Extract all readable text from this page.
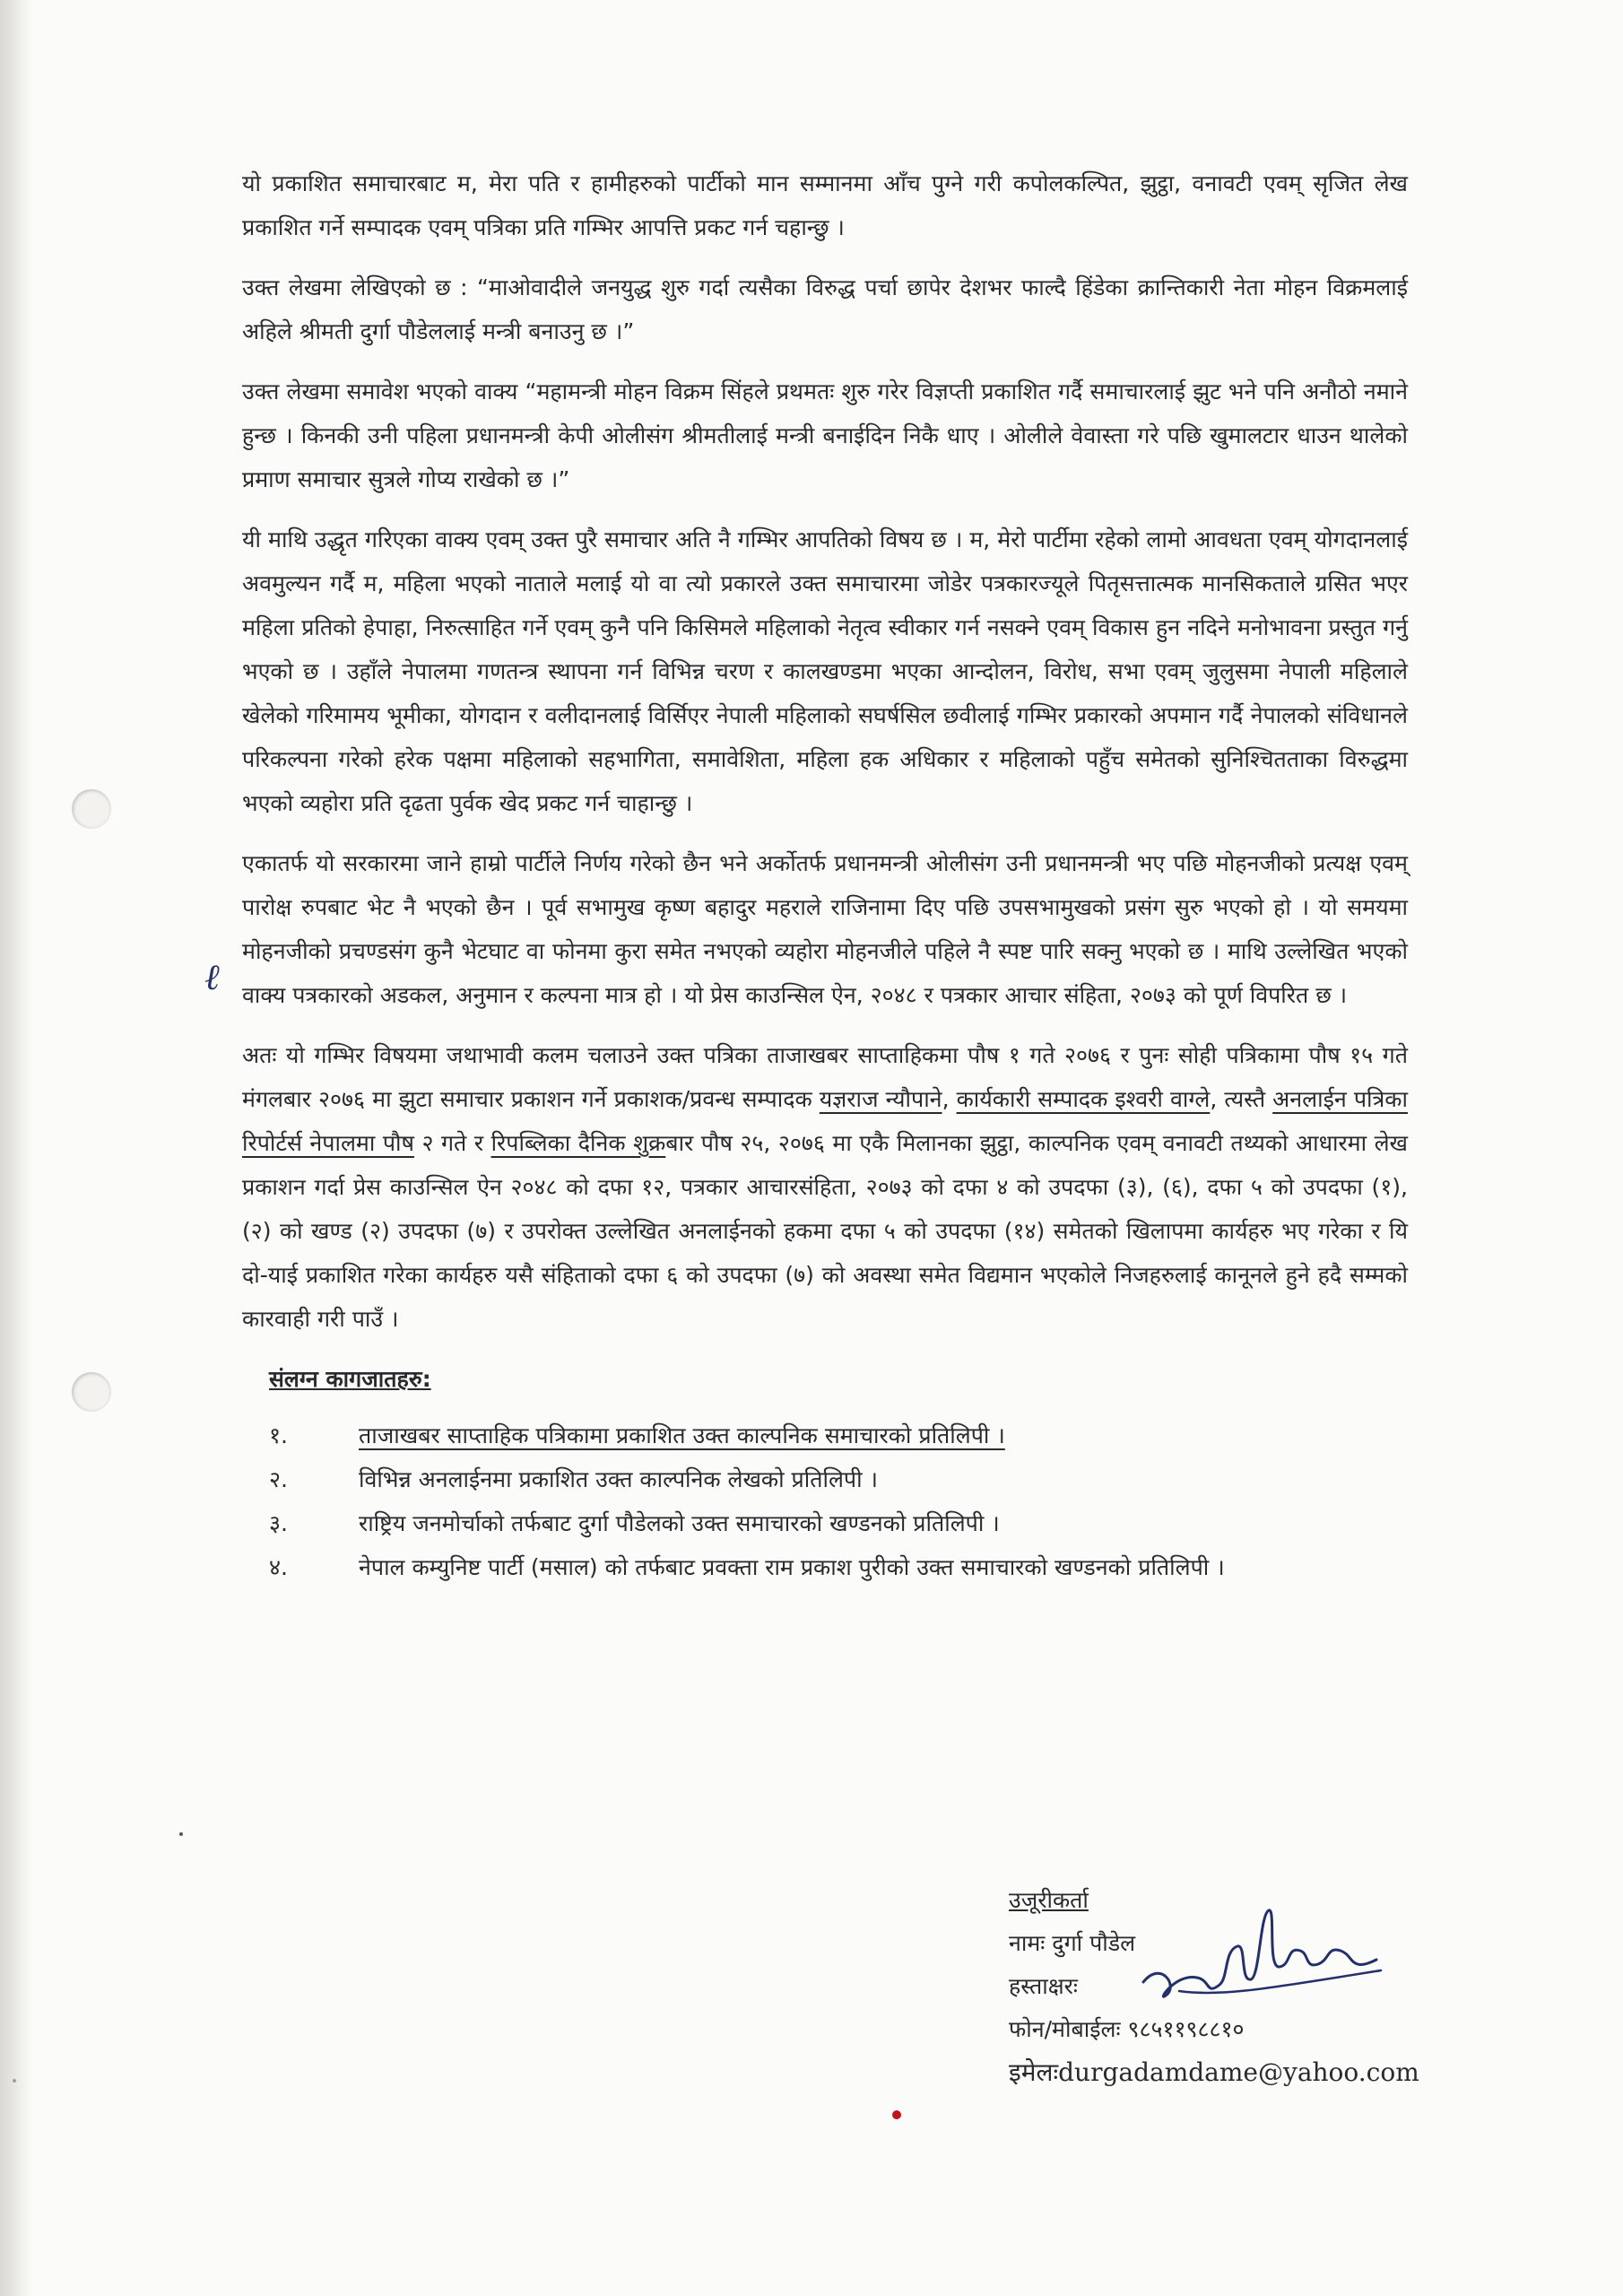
ℓ

यो प्रकाशित समाचारबाट म, मेरा पति र हामीहरुको पार्टीको मान सम्मानमा आँच पुग्ने गरी कपोलकल्पित, झुट्ठा, वनावटी एवम् सृजित लेख प्रकाशित गर्ने सम्पादक एवम् पत्रिका प्रति गम्भिर आपत्ति प्रकट गर्न चहान्छु ।

उक्त लेखमा लेखिएको छ : “माओवादीले जनयुद्ध शुरु गर्दा त्यसैका विरुद्ध पर्चा छापेर देशभर फाल्दै हिंडेका क्रान्तिकारी नेता मोहन विक्रमलाई अहिले श्रीमती दुर्गा पौडेललाई मन्त्री बनाउनु छ ।”

उक्त लेखमा समावेश भएको वाक्य “महामन्त्री मोहन विक्रम सिंहले प्रथमतः शुरु गरेर विज्ञप्ती प्रकाशित गर्दै समाचारलाई झुट भने पनि अनौठो नमाने हुन्छ । किनकी उनी पहिला प्रधानमन्त्री केपी ओलीसंग श्रीमतीलाई मन्त्री बनाईदिन निकै धाए । ओलीले वेवास्ता गरे पछि खुमालटार धाउन थालेको प्रमाण समाचार सुत्रले गोप्य राखेको छ ।”

यी माथि उद्धृत गरिएका वाक्य एवम् उक्त पुरै समाचार अति नै गम्भिर आपतिको विषय छ । म, मेरो पार्टीमा रहेको लामो आवधता एवम् योगदानलाई अवमुल्यन गर्दै म, महिला भएको नाताले मलाई यो वा त्यो प्रकारले उक्त समाचारमा जोडेर पत्रकारज्यूले पितृसत्तात्मक मानसिकताले ग्रसित भएर महिला प्रतिको हेपाहा, निरुत्साहित गर्ने एवम् कुनै पनि किसिमले महिलाको नेतृत्व स्वीकार गर्न नसक्ने एवम् विकास हुन नदिने मनोभावना प्रस्तुत गर्नु भएको छ । उहाँले नेपालमा गणतन्त्र स्थापना गर्न विभिन्न चरण र कालखण्डमा भएका आन्दोलन, विरोध, सभा एवम् जुलुसमा नेपाली महिलाले खेलेको गरिमामय भूमीका, योगदान र वलीदानलाई विर्सिएर नेपाली महिलाको सघर्षसिल छवीलाई गम्भिर प्रकारको अपमान गर्दै नेपालको संविधानले परिकल्पना गरेको हरेक पक्षमा महिलाको सहभागिता, समावेशिता, महिला हक अधिकार र महिलाको पहुँच समेतको सुनिश्चितताका विरुद्धमा भएको व्यहोरा प्रति दृढता पुर्वक खेद प्रकट गर्न चाहान्छु ।

एकातर्फ यो सरकारमा जाने हाम्रो पार्टीले निर्णय गरेको छैन भने अर्कोतर्फ प्रधानमन्त्री ओलीसंग उनी प्रधानमन्त्री भए पछि मोहनजीको प्रत्यक्ष एवम् पारोक्ष रुपबाट भेट नै भएको छैन । पूर्व सभामुख कृष्ण बहादुर महराले राजिनामा दिए पछि उपसभामुखको प्रसंग सुरु भएको हो । यो समयमा मोहनजीको प्रचण्डसंग कुनै भेटघाट वा फोनमा कुरा समेत नभएको व्यहोरा मोहनजीले पहिले नै स्पष्ट पारि सक्नु भएको छ । माथि उल्लेखित भएको वाक्य पत्रकारको अडकल, अनुमान र कल्पना मात्र हो । यो प्रेस काउन्सिल ऐन, २०४८ र पत्रकार आचार संहिता, २०७३ को पूर्ण विपरित छ ।

अतः यो गम्भिर विषयमा जथाभावी कलम चलाउने उक्त पत्रिका ताजाखबर साप्ताहिकमा पौष १ गते २०७६ र पुनः सोही पत्रिकामा पौष १५ गते मंगलबार २०७६ मा झुटा समाचार प्रकाशन गर्ने प्रकाशक/प्रवन्ध सम्पादक यज्ञराज न्यौपाने, कार्यकारी सम्पादक इश्वरी वाग्ले, त्यस्तै अनलाईन पत्रिका रिपोर्टर्स नेपालमा पौष २ गते र रिपब्लिका दैनिक शुक्रबार पौष २५, २०७६ मा एकै मिलानका झुट्ठा, काल्पनिक एवम् वनावटी तथ्यको आधारमा लेख प्रकाशन गर्दा प्रेस काउन्सिल ऐन २०४८ को दफा १२, पत्रकार आचारसंहिता, २०७३ को दफा ४ को उपदफा (३), (६), दफा ५ को उपदफा (१), (२) को खण्ड (२) उपदफा (७) र उपरोक्त उल्लेखित अनलाईनको हकमा दफा ५ को उपदफा (१४) समेतको खिलापमा कार्यहरु भए गरेका र यि दो-याई प्रकाशित गरेका कार्यहरु यसै संहिताको दफा ६ को उपदफा (७) को अवस्था समेत विद्यमान भएकोले निजहरुलाई कानूनले हुने हदै सम्मको कारवाही गरी पाउँ ।

संलग्न कागजातहरु:
१.	ताजाखबर साप्ताहिक पत्रिकामा प्रकाशित उक्त काल्पनिक समाचारको प्रतिलिपी ।
२.	विभिन्न अनलाईनमा प्रकाशित उक्त काल्पनिक लेखको प्रतिलिपी ।
३.	राष्ट्रिय जनमोर्चाको तर्फबाट दुर्गा पौडेलको उक्त समाचारको खण्डनको प्रतिलिपी ।
४.	नेपाल कम्युनिष्ट पार्टी (मसाल) को तर्फबाट प्रवक्ता राम प्रकाश पुरीको उक्त समाचारको खण्डनको प्रतिलिपी ।
उजूरीकर्ता
नामः दुर्गा पौडेल
हस्ताक्षरः
फोन/मोबाईलः ९८५११९८८१०
इमेलःdurgadamdame@yahoo.com
